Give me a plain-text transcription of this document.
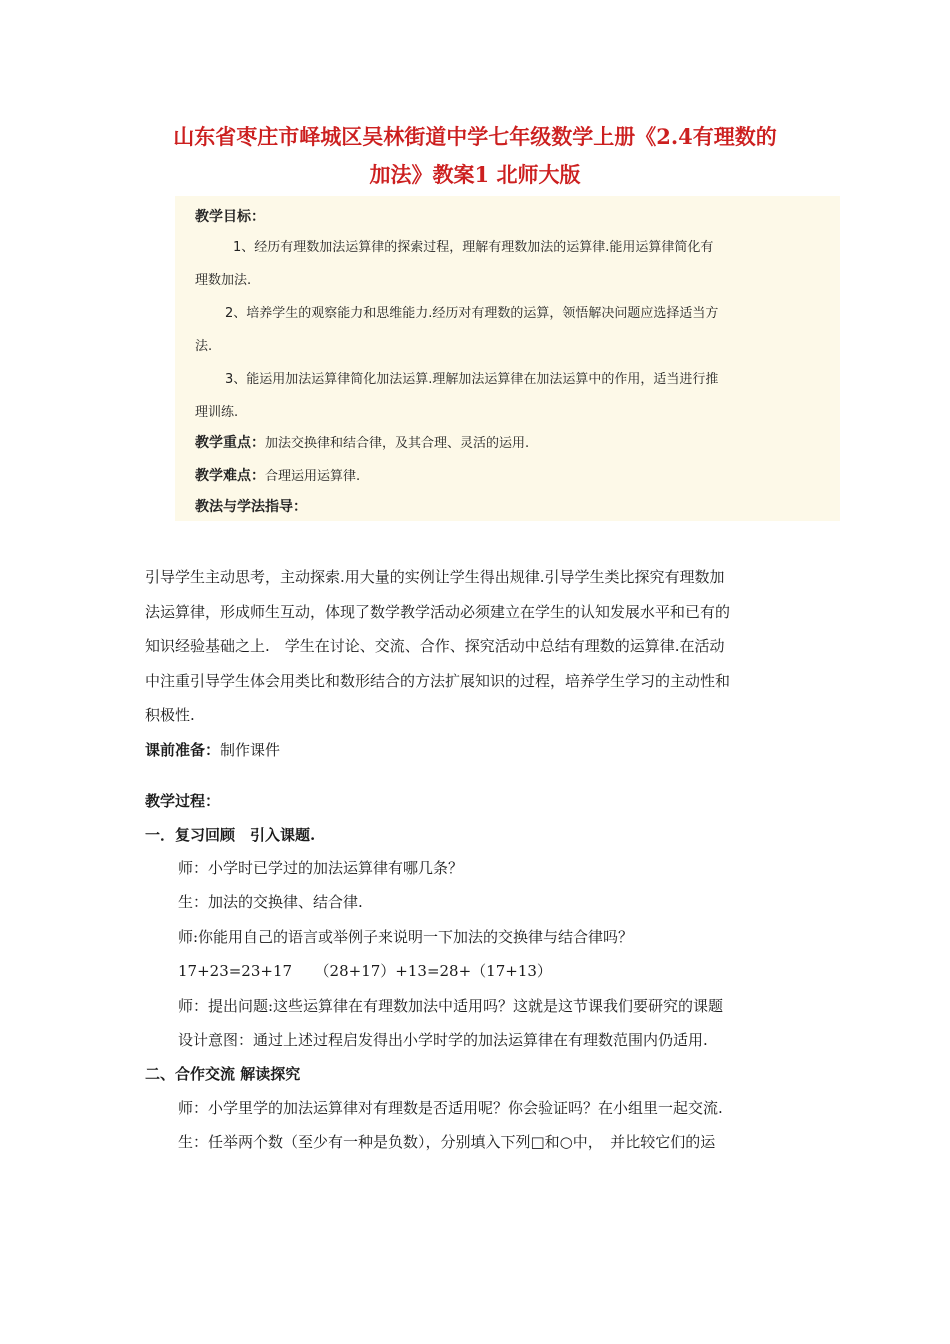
山东省枣庄市峄城区吴林街道中学七年级数学上册《2.4有理数的
加法》教案1 北师大版
教学目标：
1、经历有理数加法运算律的探索过程，理解有理数加法的运算律.能用运算律简化有
理数加法.
2、培养学生的观察能力和思维能力.经历对有理数的运算，领悟解决问题应选择适当方
法.
3、能运用加法运算律简化加法运算.理解加法运算律在加法运算中的作用，适当进行推
理训练.
教学重点：加法交换律和结合律，及其合理、灵活的运用.
教学难点：合理运用运算律.
教法与学法指导：
引导学生主动思考，主动探索.用大量的实例让学生得出规律.引导学生类比探究有理数加
法运算律，形成师生互动，体现了数学教学活动必须建立在学生的认知发展水平和已有的
知识经验基础之上.　学生在讨论、交流、合作、探究活动中总结有理数的运算律.在活动
中注重引导学生体会用类比和数形结合的方法扩展知识的过程，培养学生学习的主动性和
积极性.
课前准备：制作课件
教学过程：
一．复习回顾　引入课题.
师：小学时已学过的加法运算律有哪几条？
生：加法的交换律、结合律.
师:你能用自己的语言或举例子来说明一下加法的交换律与结合律吗？
17+23=23+17　　（28+17）+13=28+（17+13）
师：提出问题:这些运算律在有理数加法中适用吗？这就是这节课我们要研究的课题
设计意图：通过上述过程启发得出小学时学的加法运算律在有理数范围内仍适用.
二、合作交流 解读探究
师：小学里学的加法运算律对有理数是否适用呢？你会验证吗？在小组里一起交流.
生：任举两个数（至少有一种是负数），分别填入下列□和○中，　并比较它们的运
